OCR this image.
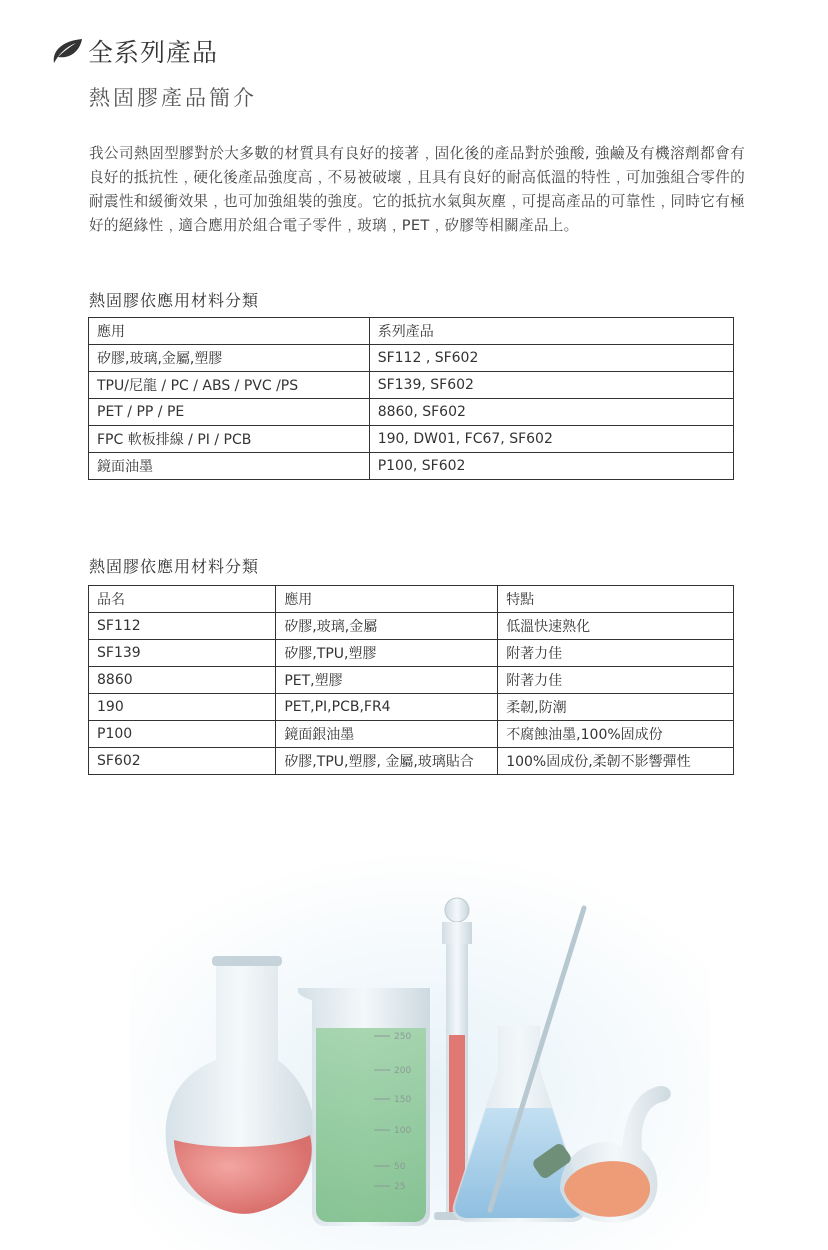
全系列產品
熱固膠產品簡介
我公司熱固型膠對於大多數的材質具有良好的接著﹐固化後的產品對於強酸, 強鹼及有機溶劑都會有良好的抵抗性﹐硬化後產品強度高﹐不易被破壞﹐且具有良好的耐高低溫的特性﹐可加強組合零件的耐震性和緩衝效果﹐也可加強組裝的強度。它的抵抗水氣與灰塵﹐可提高產品的可靠性﹐同時它有極好的絕緣性﹐適合應用於組合電子零件﹐玻璃﹐PET﹐矽膠等相關產品上。
熱固膠依應用材料分類
應用	系列產品
矽膠,玻璃,金屬,塑膠	SF112 , SF602
TPU/尼龍 / PC / ABS / PVC /PS	SF139, SF602
PET / PP / PE	8860, SF602
FPC 軟板排線 / PI / PCB	190, DW01, FC67, SF602
鏡面油墨	P100, SF602
熱固膠依應用材料分類
品名	應用	特點
SF112	矽膠,玻璃,金屬	低溫快速熟化
SF139	矽膠,TPU,塑膠	附著力佳
8860	PET,塑膠	附著力佳
190	PET,PI,PCB,FR4	柔韌,防潮
P100	鏡面銀油墨	不腐蝕油墨,100%固成份
SF602	矽膠,TPU,塑膠, 金屬,玻璃貼合	100%固成份,柔韌不影響彈性
250
200
150
100
50
25
